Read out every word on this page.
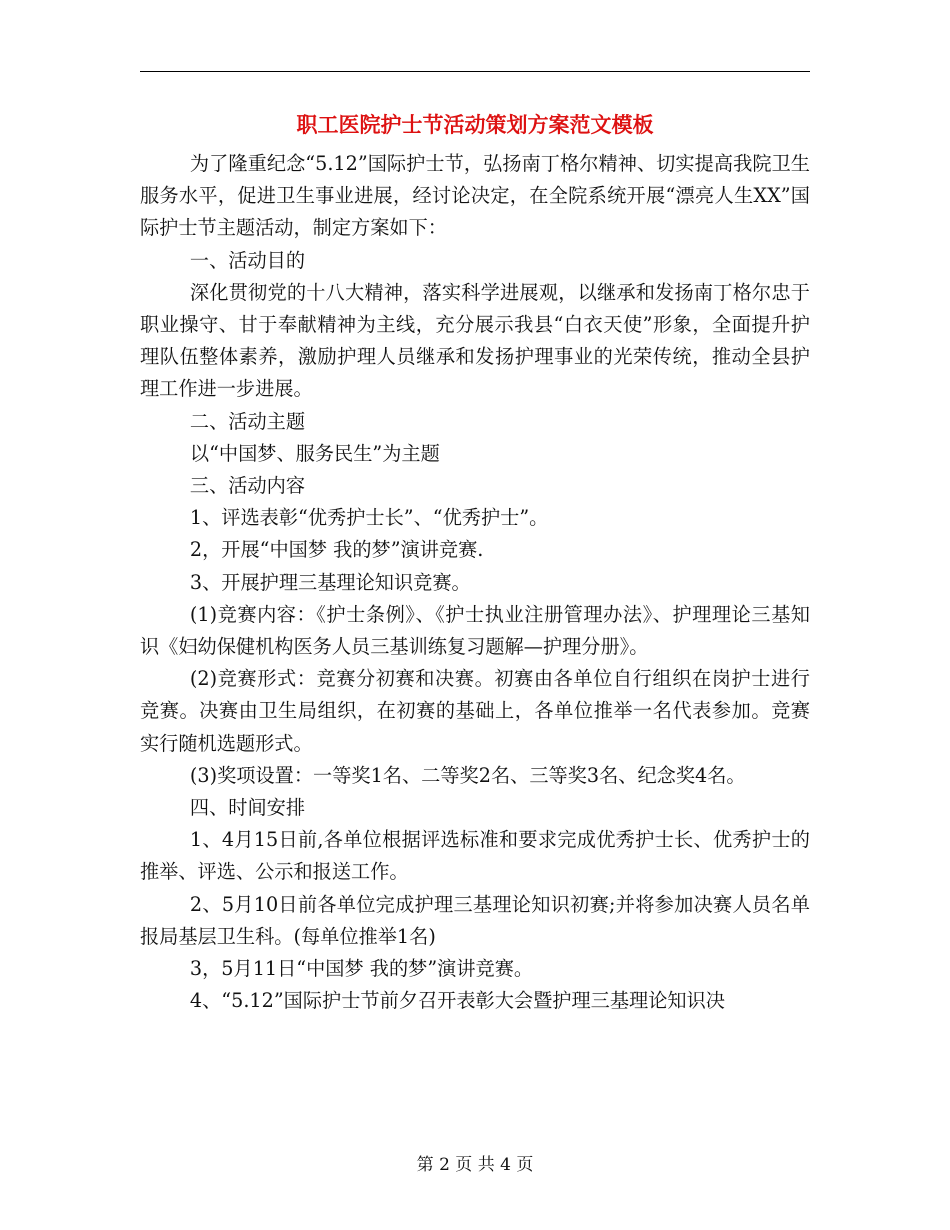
职工医院护士节活动策划方案范文模板

为了隆重纪念“5.12”国际护士节，弘扬南丁格尔精神、切实提高我院卫生服务水平，促进卫生事业进展，经讨论决定，在全院系统开展“漂亮人生XX”国际护士节主题活动，制定方案如下：

一、活动目的

深化贯彻党的十八大精神，落实科学进展观，以继承和发扬南丁格尔忠于职业操守、甘于奉献精神为主线，充分展示我县“白衣天使”形象，全面提升护理队伍整体素养，激励护理人员继承和发扬护理事业的光荣传统，推动全县护理工作进一步进展。

二、活动主题

以“中国梦、服务民生”为主题

三、活动内容

1、评选表彰“优秀护士长”、“优秀护士”。

2，开展“中国梦 我的梦”演讲竞赛.

3、开展护理三基理论知识竞赛。

(1)竞赛内容：《护士条例》、《护士执业注册管理办法》、护理理论三基知识《妇幼保健机构医务人员三基训练复习题解—护理分册》。

(2)竞赛形式：竞赛分初赛和决赛。初赛由各单位自行组织在岗护士进行竞赛。决赛由卫生局组织，在初赛的基础上，各单位推举一名代表参加。竞赛实行随机选题形式。

(3)奖项设置：一等奖1名、二等奖2名、三等奖3名、纪念奖4名。

四、时间安排

1、4月15日前,各单位根据评选标准和要求完成优秀护士长、优秀护士的推举、评选、公示和报送工作。

2、5月10日前各单位完成护理三基理论知识初赛;并将参加决赛人员名单报局基层卫生科。(每单位推举1名)

3，5月11日“中国梦 我的梦”演讲竞赛。

4、“5.12”国际护士节前夕召开表彰大会暨护理三基理论知识决

第 2 页 共 4 页
